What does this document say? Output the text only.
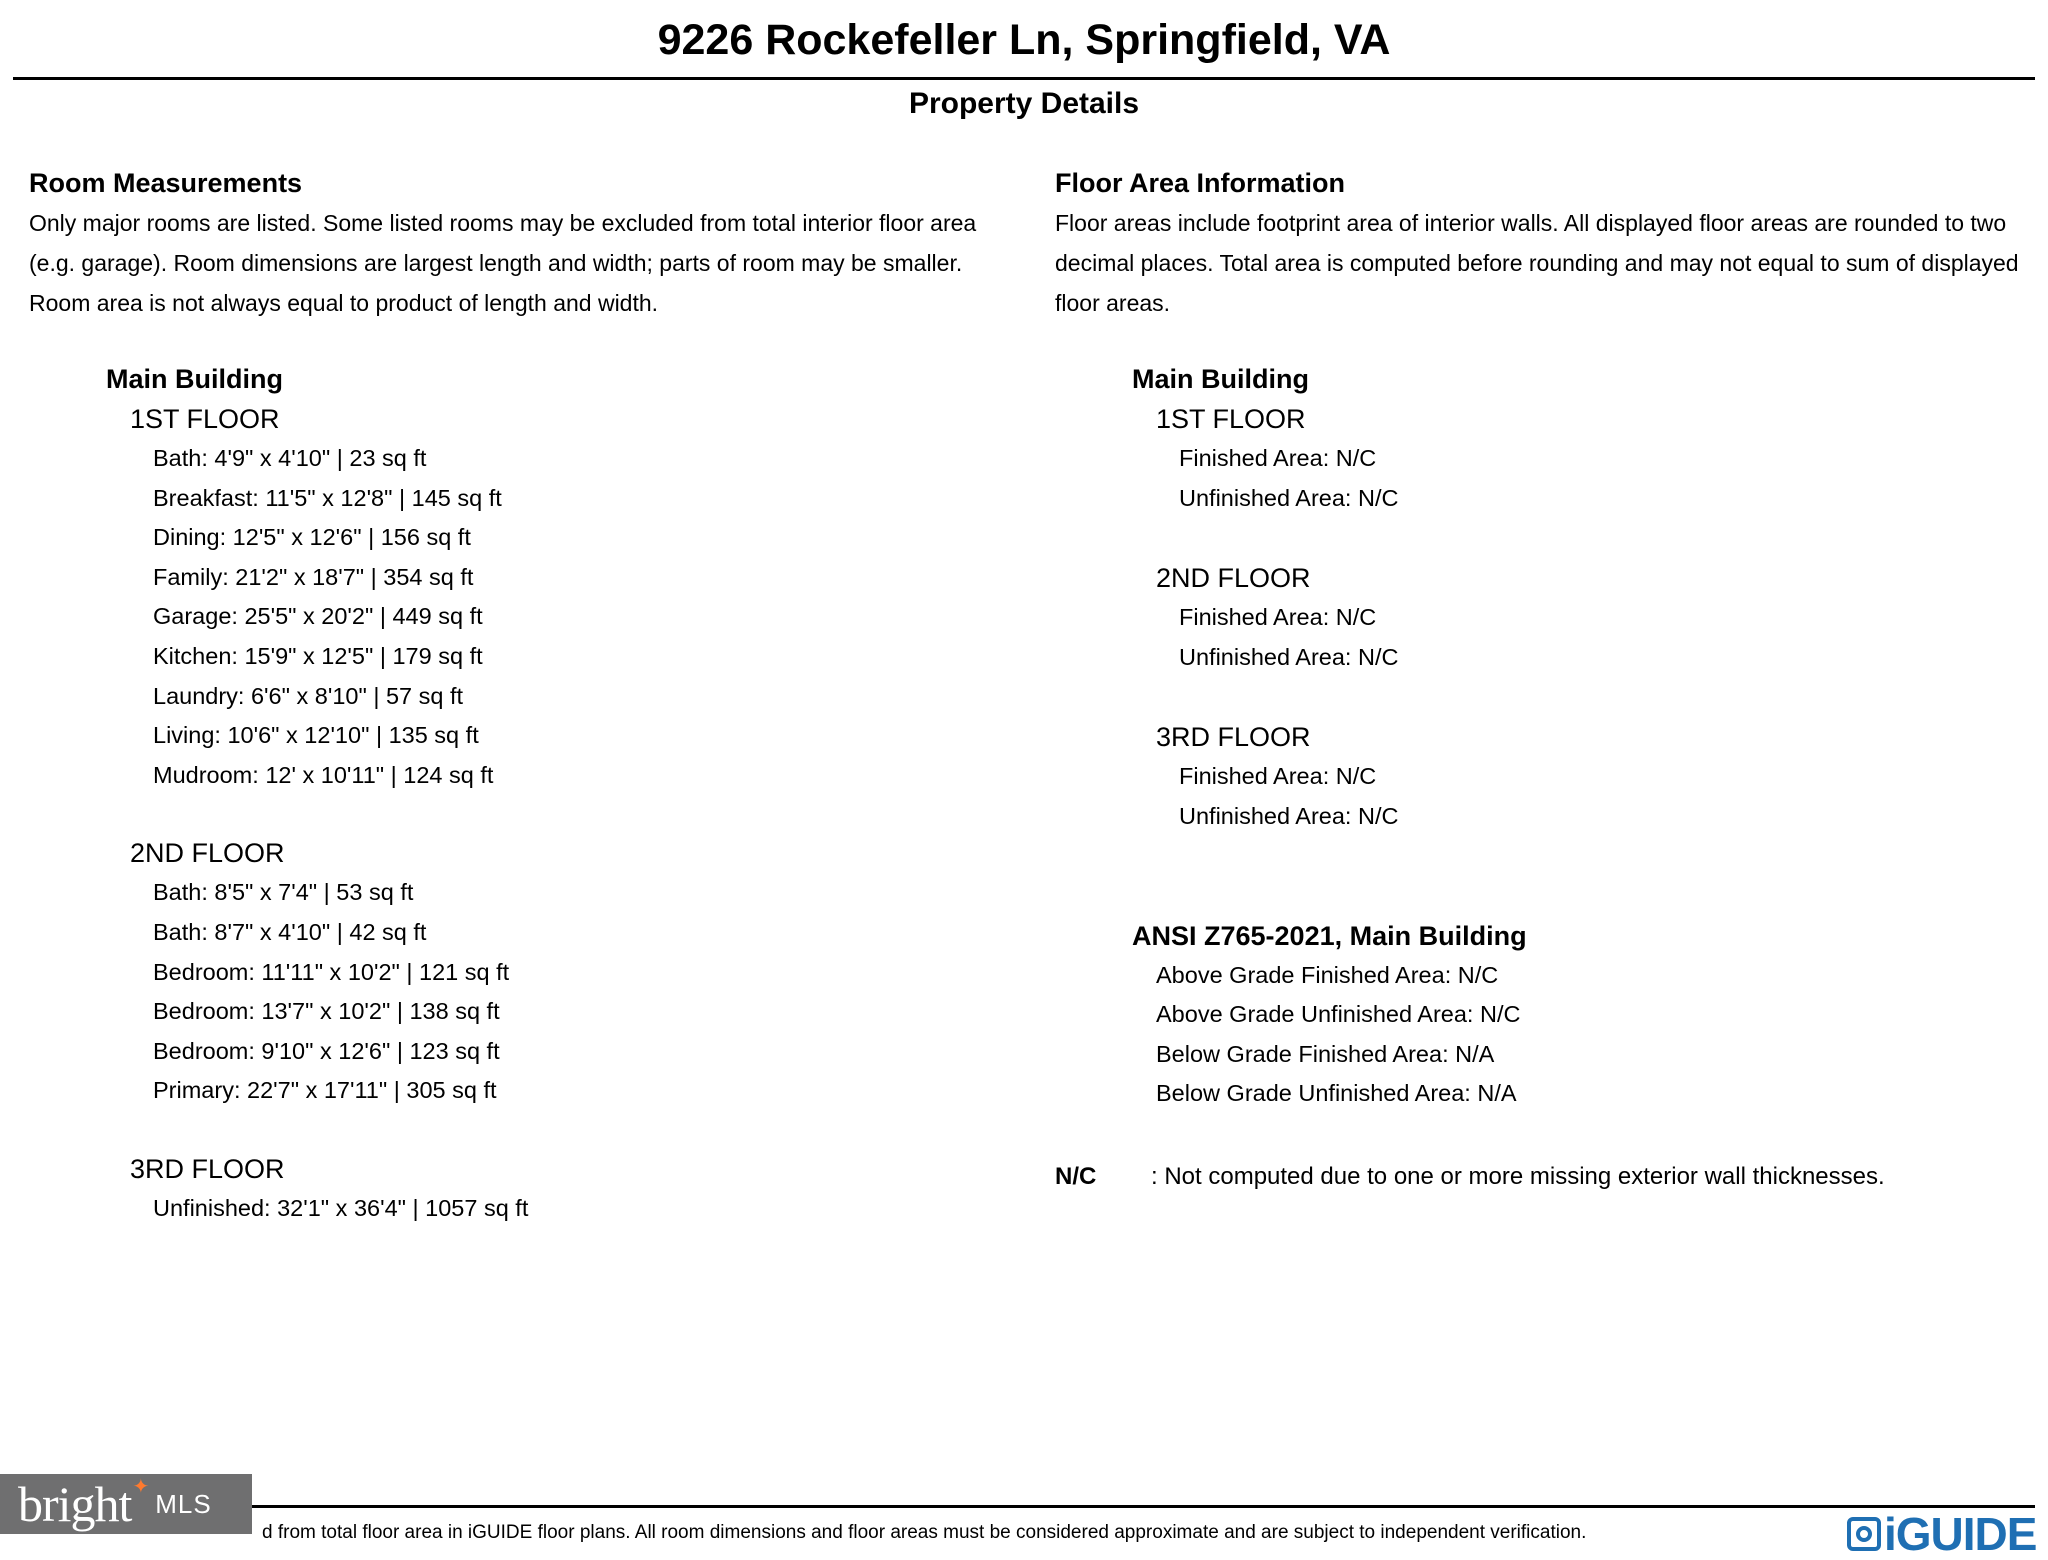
9226 Rockefeller Ln, Springfield, VA
Property Details
Room Measurements
Only major rooms are listed. Some listed rooms may be excluded from total interior floor area (e.g. garage). Room dimensions are largest length and width; parts of room may be smaller. Room area is not always equal to product of length and width.
Main Building
1ST FLOOR
Bath: 4'9" x 4'10" | 23 sq ft
Breakfast: 11'5" x 12'8" | 145 sq ft
Dining: 12'5" x 12'6" | 156 sq ft
Family: 21'2" x 18'7" | 354 sq ft
Garage: 25'5" x 20'2" | 449 sq ft
Kitchen: 15'9" x 12'5" | 179 sq ft
Laundry: 6'6" x 8'10" | 57 sq ft
Living: 10'6" x 12'10" | 135 sq ft
Mudroom: 12' x 10'11" | 124 sq ft
2ND FLOOR
Bath: 8'5" x 7'4" | 53 sq ft
Bath: 8'7" x 4'10" | 42 sq ft
Bedroom: 11'11" x 10'2" | 121 sq ft
Bedroom: 13'7" x 10'2" | 138 sq ft
Bedroom: 9'10" x 12'6" | 123 sq ft
Primary: 22'7" x 17'11" | 305 sq ft
3RD FLOOR
Unfinished: 32'1" x 36'4" | 1057 sq ft
Floor Area Information
Floor areas include footprint area of interior walls. All displayed floor areas are rounded to two decimal places. Total area is computed before rounding and may not equal to sum of displayed floor areas.
Main Building
1ST FLOOR
Finished Area: N/C
Unfinished Area: N/C
2ND FLOOR
Finished Area: N/C
Unfinished Area: N/C
3RD FLOOR
Finished Area: N/C
Unfinished Area: N/C
ANSI Z765-2021, Main Building
Above Grade Finished Area: N/C
Above Grade Unfinished Area: N/C
Below Grade Finished Area: N/A
Below Grade Unfinished Area: N/A
N/C : Not computed due to one or more missing exterior wall thicknesses.
d from total floor area in iGUIDE floor plans. All room dimensions and floor areas must be considered approximate and are subject to independent verification.
bright ✦
MLS
iGUIDE
